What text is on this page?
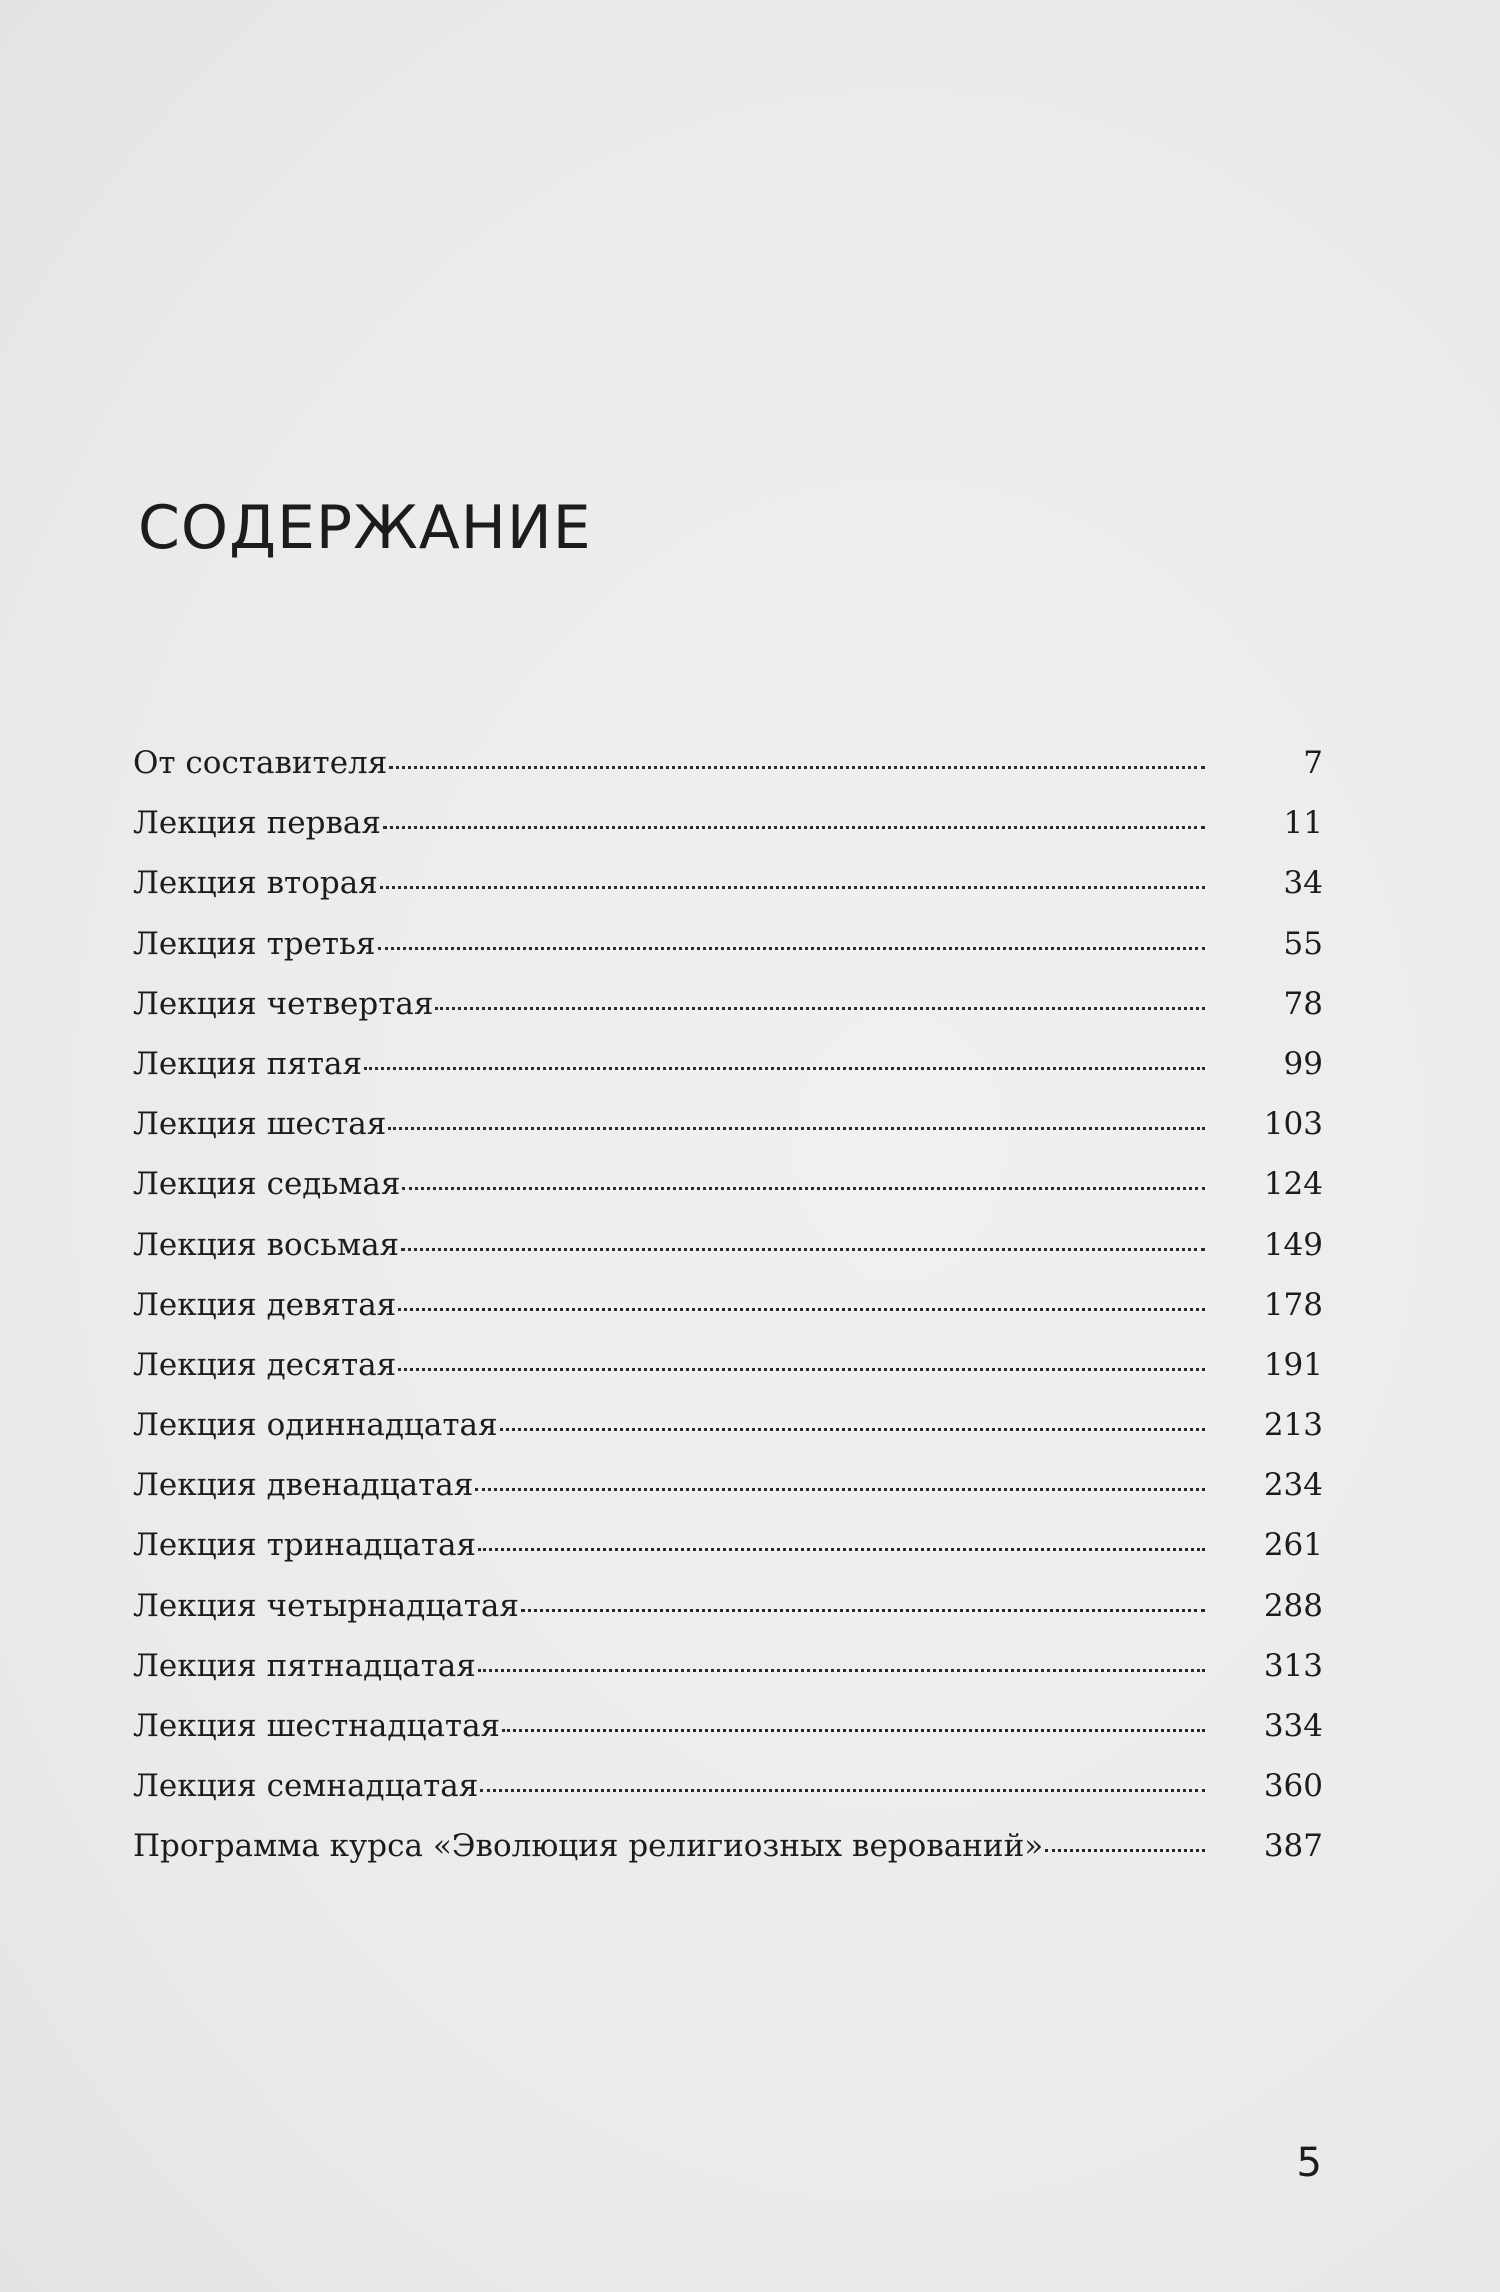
СОДЕРЖАНИЕ
От составителя	7
Лекция первая	11
Лекция вторая	34
Лекция третья	55
Лекция четвертая	78
Лекция пятая	99
Лекция шестая	103
Лекция седьмая	124
Лекция восьмая	149
Лекция девятая	178
Лекция десятая	191
Лекция одиннадцатая	213
Лекция двенадцатая	234
Лекция тринадцатая	261
Лекция четырнадцатая	288
Лекция пятнадцатая	313
Лекция шестнадцатая	334
Лекция семнадцатая	360
Программа курса «Эволюция религиозных верований»	387
5
